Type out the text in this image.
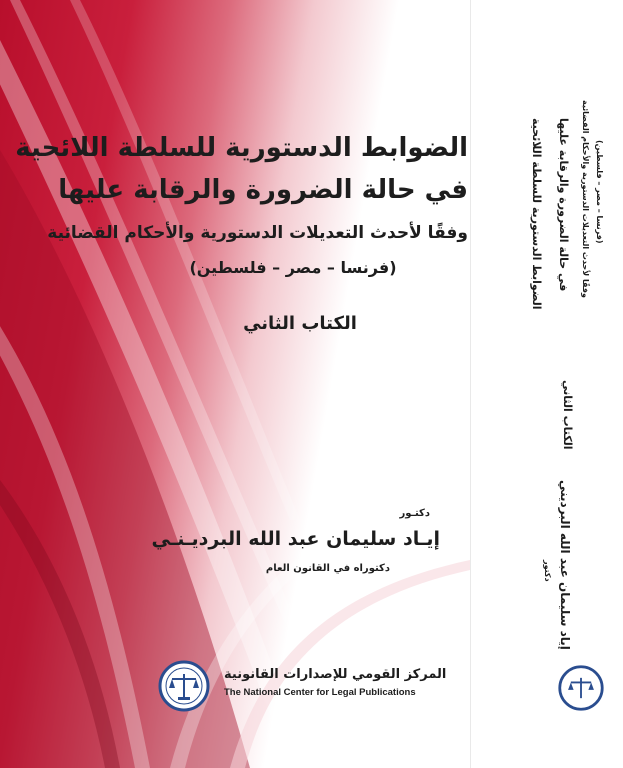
الضوابط الدستورية للسلطة اللائحية
في حالة الضرورة والرقابة عليها
وفقًا لأحدث التعديلات الدستورية والأحكام القضائية
(فرنسا – مصر – فلسطين)
الكتاب الثاني
دكتـور
إيـاد سليمان عبد الله البرديـنـي
دكتوراه في القانون العام
المركز القومي للإصدارات القانونية
The National Center for Legal Publications
الضوابط الدستورية للسلطة اللائحية في حالة الضرورة والرقابة عليها وفقًا لأحدث التعديلات الدستورية والأحكام القضائية (فرنسا – مصر – فلسطين)
الكتاب الثاني
إياد سليمان عبد الله البرديني
دكتور
